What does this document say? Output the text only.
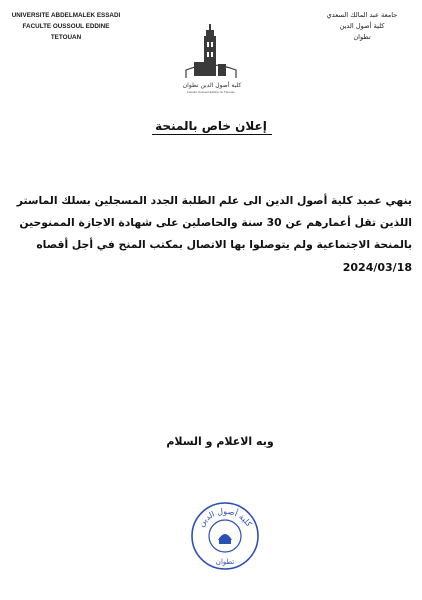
UNIVERSITE ABDELMALEK ESSADI
FACULTE OUSSOUL EDDINE
TETOUAN
جامعة عبد المالك السعدي
كلية أصول الدين
تطوان
كلية أصول الدين تطوان
Faculté Oussoul Eddine de Tétouan
إعلان خاص بالمنحة
ينهي عميد كلية أصول الدين الى علم الطلبة الجدد المسجلين بسلك الماستر
اللذين تقل أعمارهم عن 30 سنة والحاصلين على شهادة الاجازة الممنوحين
بالمنحة الاجتماعية ولم يتوصلوا بها الاتصال بمكتب المنح في أجل أقصاه
2024/03/18
وبه الاعلام و السلام
كلية أصول الدين
تطوان
